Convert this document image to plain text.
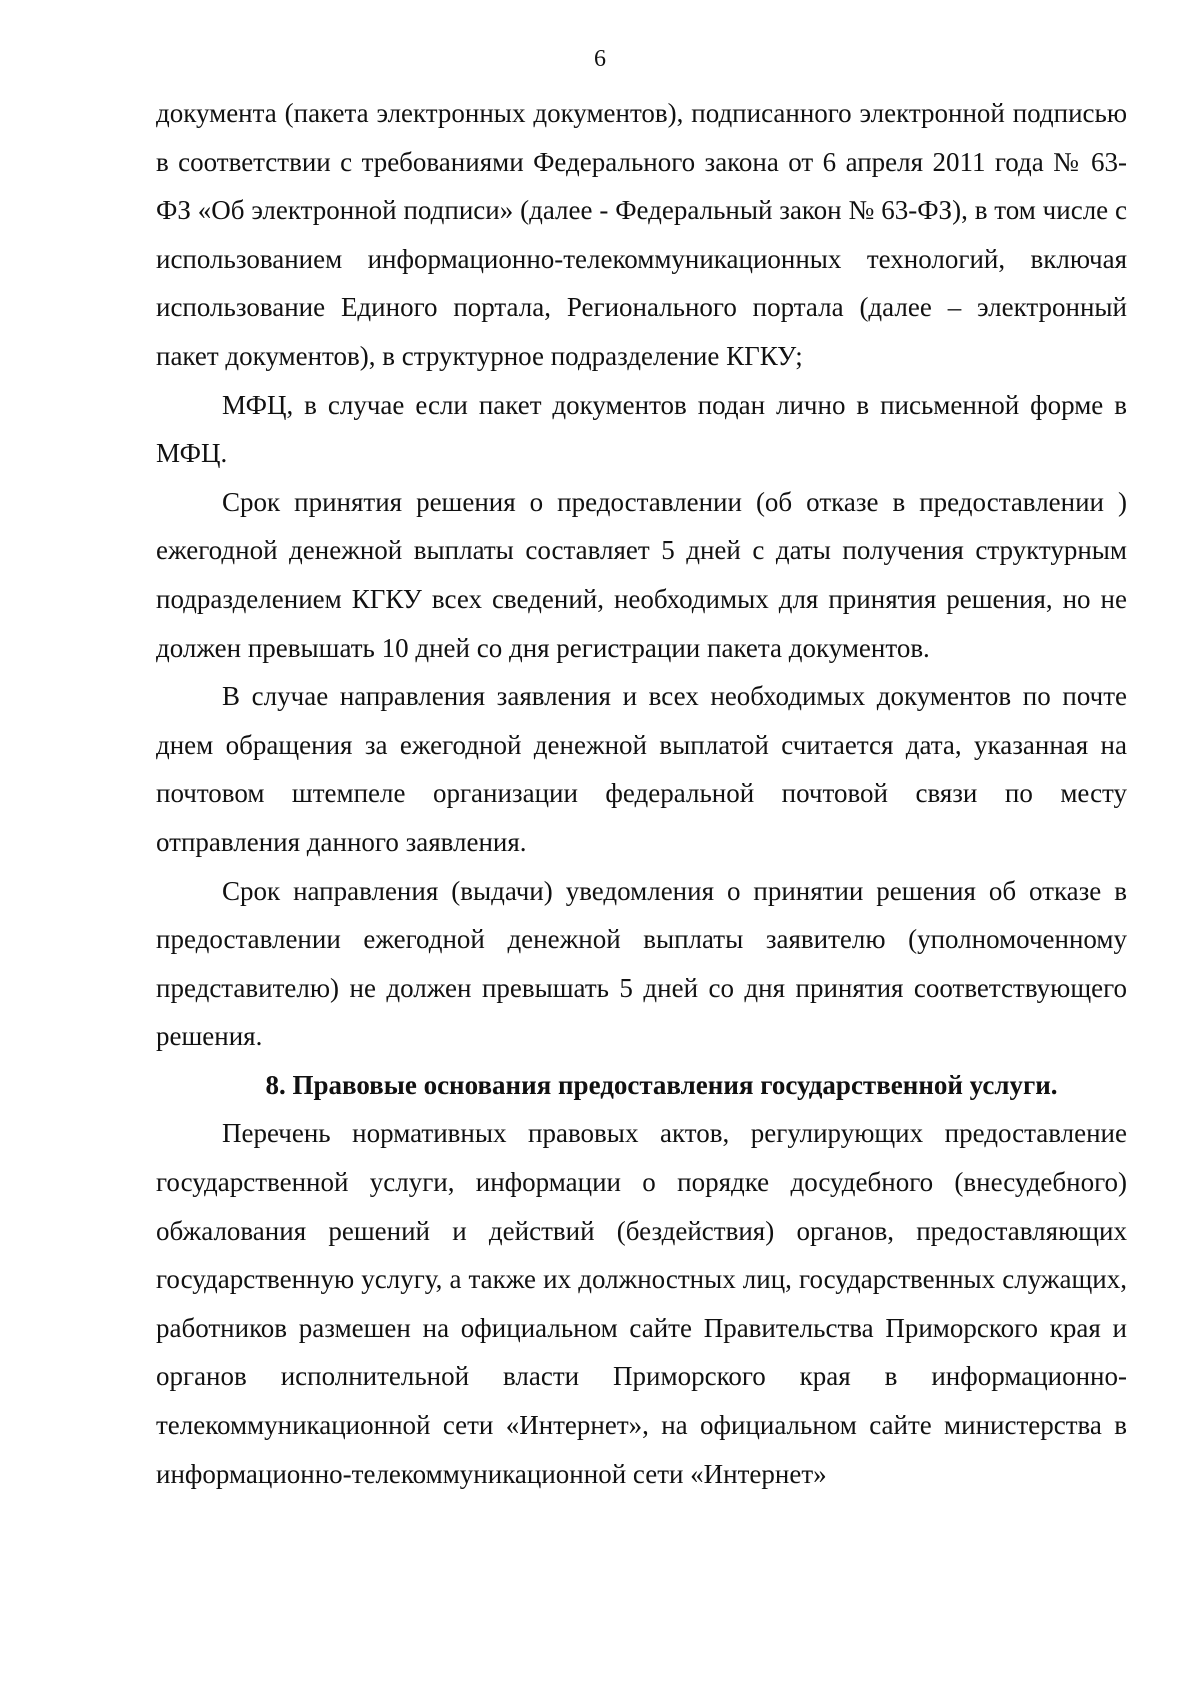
6

документа (пакета электронных документов), подписанного электронной подписью в соответствии с требованиями Федерального закона от 6 апреля 2011 года № 63-ФЗ «Об электронной подписи» (далее - Федеральный закон № 63-ФЗ), в том числе с использованием информационно-телекоммуникационных технологий, включая использование Единого портала, Регионального портала (далее – электронный пакет документов), в структурное подразделение КГКУ;

МФЦ, в случае если пакет документов подан лично в письменной форме в МФЦ.

Срок принятия решения о предоставлении (об отказе в предоставлении ) ежегодной денежной выплаты составляет 5 дней с даты получения структурным подразделением КГКУ всех сведений, необходимых для принятия решения, но не должен превышать 10 дней со дня регистрации пакета документов.

В случае направления заявления и всех необходимых документов по почте днем обращения за ежегодной денежной выплатой считается дата, указанная на почтовом штемпеле организации федеральной почтовой связи по месту отправления данного заявления.

Срок направления (выдачи) уведомления о принятии решения об отказе в предоставлении ежегодной денежной выплаты заявителю (уполномоченному представителю) не должен превышать 5 дней со дня принятия соответствующего решения.

8. Правовые основания предоставления государственной услуги.

Перечень нормативных правовых актов, регулирующих предоставление государственной услуги, информации о порядке досудебного (внесудебного) обжалования решений и действий (бездействия) органов, предоставляющих государственную услугу, а также их должностных лиц, государственных служащих, работников размешен на официальном сайте Правительства Приморского края и органов исполнительной власти Приморского края в информационно-телекоммуникационной сети «Интернет», на официальном сайте министерства в информационно-телекоммуникационной сети «Интернет»
